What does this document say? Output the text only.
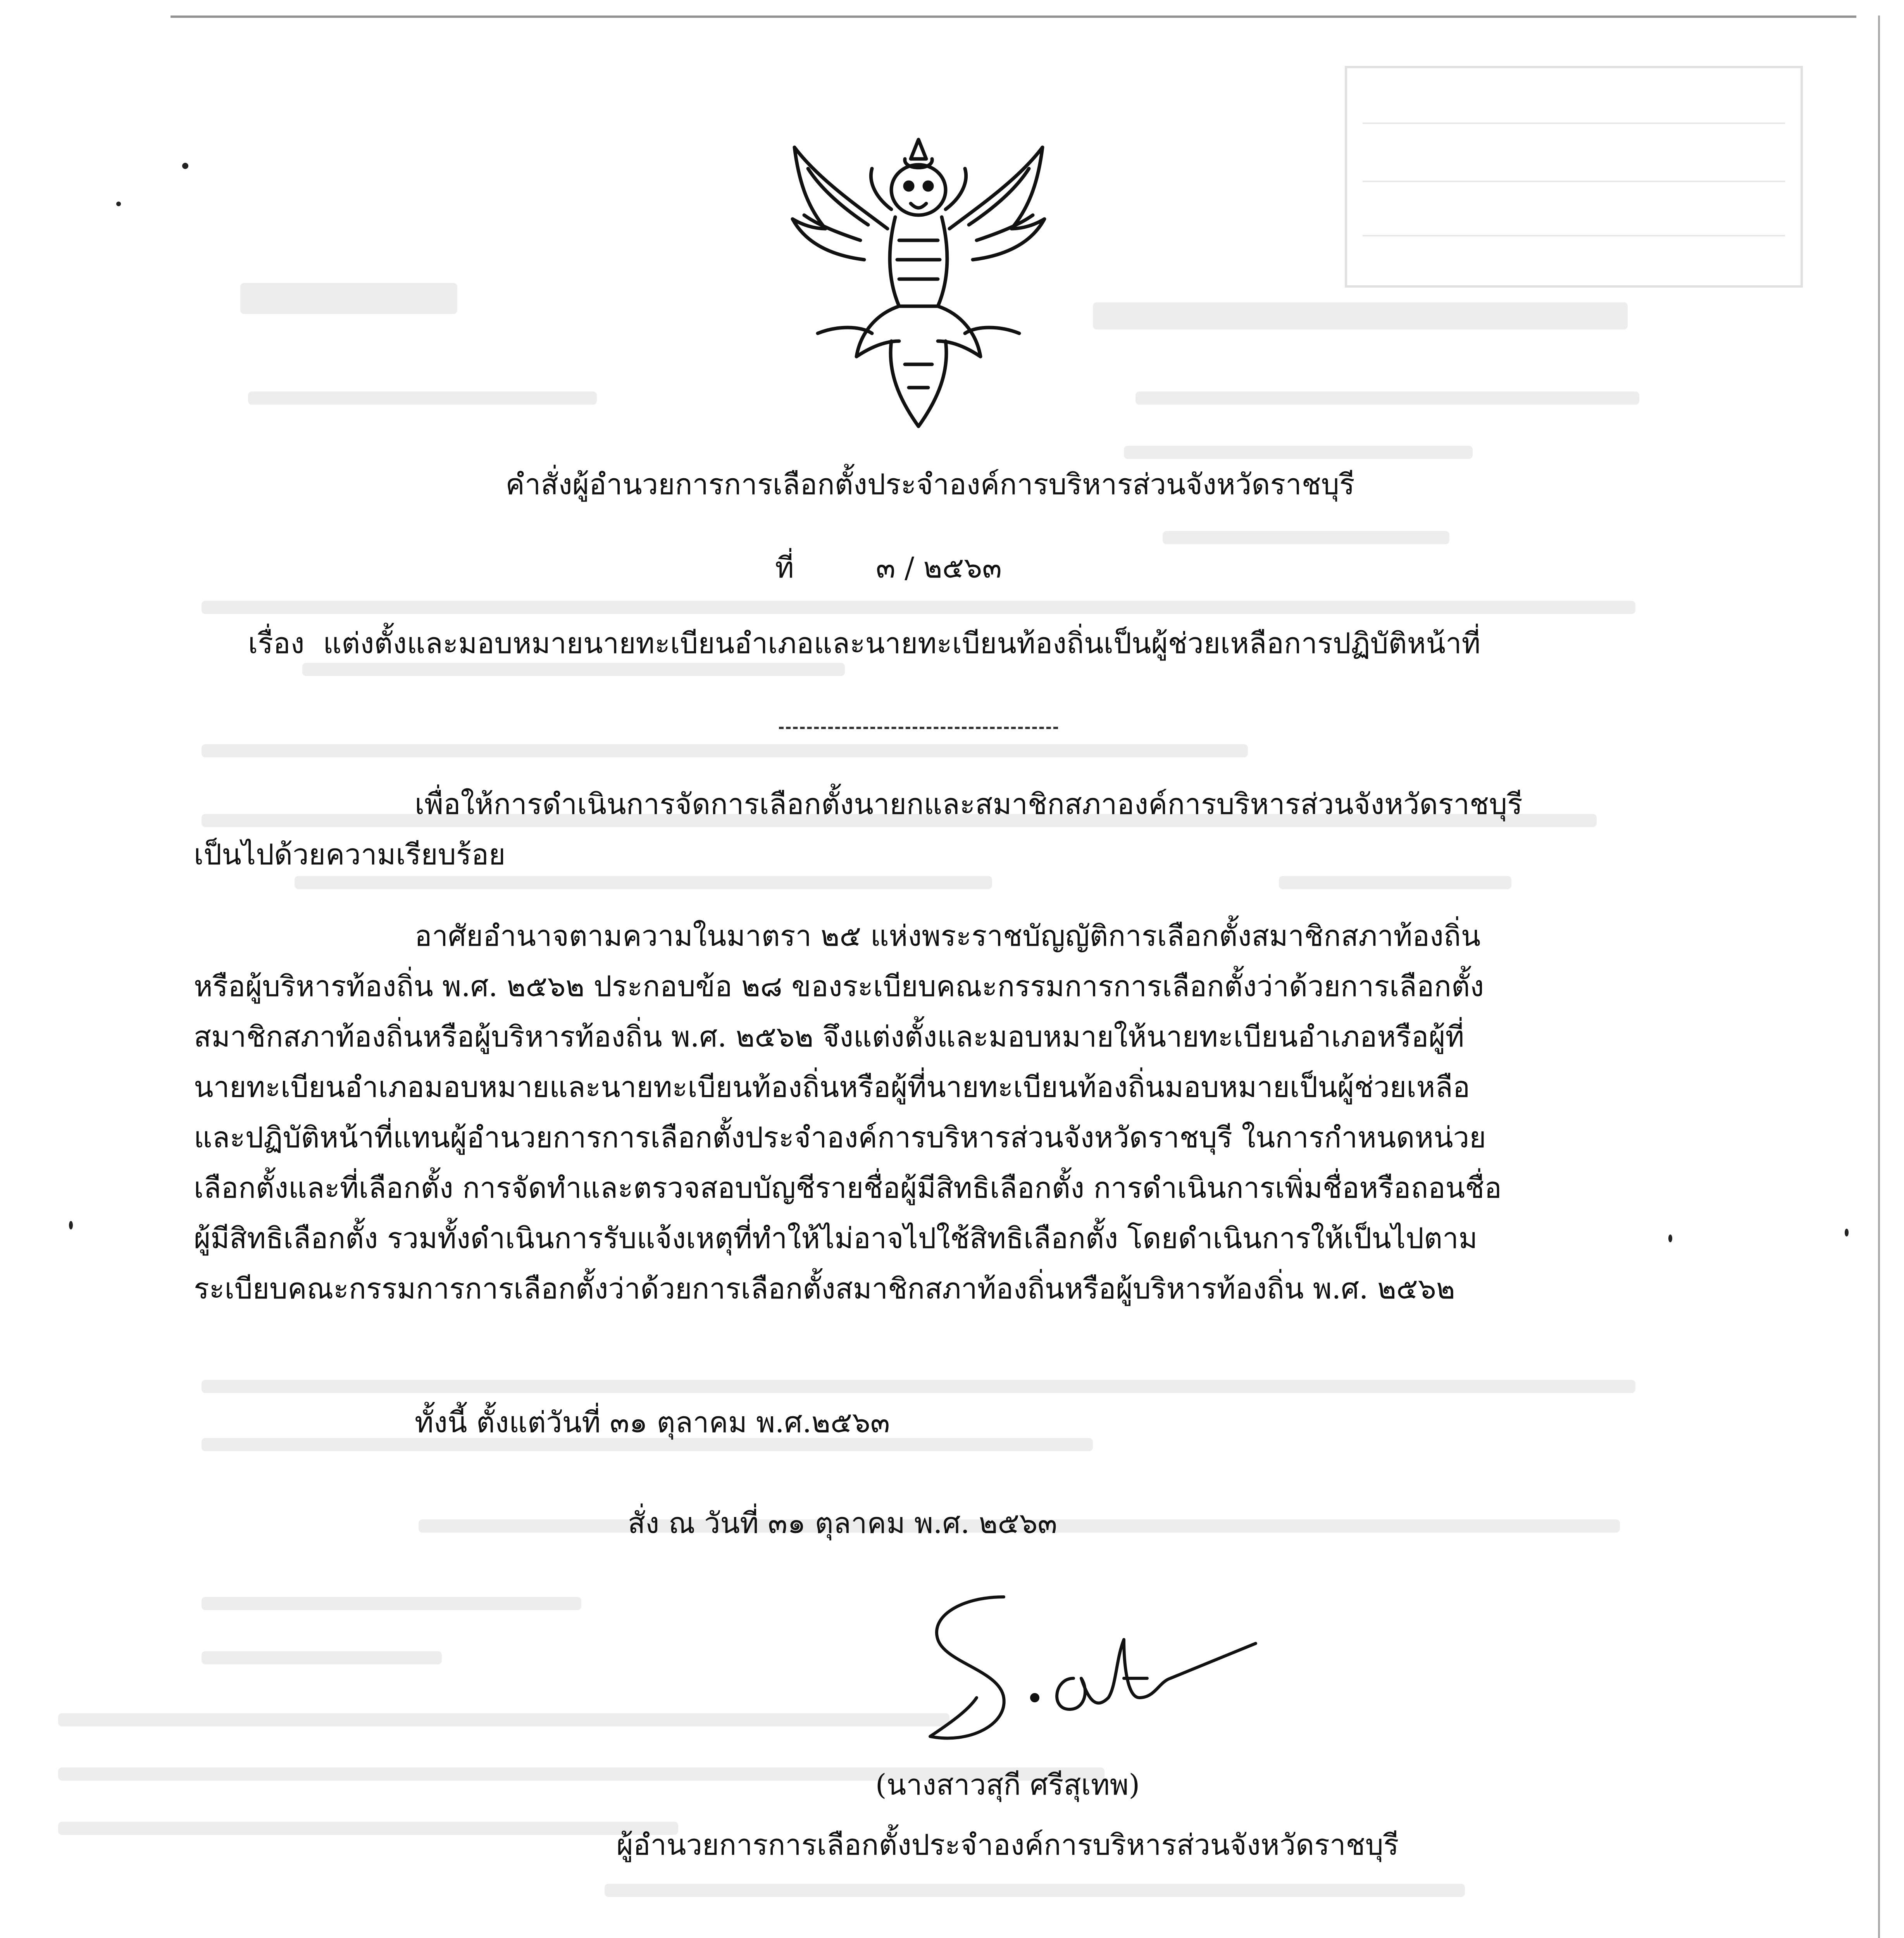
คำสั่งผู้อำนวยการการเลือกตั้งประจำองค์การบริหารส่วนจังหวัดราชบุรี
ที่	๓ / ๒๕๖๓
เรื่อง แต่งตั้งและมอบหมายนายทะเบียนอำเภอและนายทะเบียนท้องถิ่นเป็นผู้ช่วยเหลือการปฏิบัติหน้าที่

เพื่อให้การดำเนินการจัดการเลือกตั้งนายกและสมาชิกสภาองค์การบริหารส่วนจังหวัดราชบุรี

เป็นไปด้วยความเรียบร้อย

อาศัยอำนาจตามความในมาตรา ๒๕ แห่งพระราชบัญญัติการเลือกตั้งสมาชิกสภาท้องถิ่น

หรือผู้บริหารท้องถิ่น พ.ศ. ๒๕๖๒ ประกอบข้อ ๒๘ ของระเบียบคณะกรรมการการเลือกตั้งว่าด้วยการเลือกตั้ง

สมาชิกสภาท้องถิ่นหรือผู้บริหารท้องถิ่น พ.ศ. ๒๕๖๒ จึงแต่งตั้งและมอบหมายให้นายทะเบียนอำเภอหรือผู้ที่

นายทะเบียนอำเภอมอบหมายและนายทะเบียนท้องถิ่นหรือผู้ที่นายทะเบียนท้องถิ่นมอบหมายเป็นผู้ช่วยเหลือ

และปฏิบัติหน้าที่แทนผู้อำนวยการการเลือกตั้งประจำองค์การบริหารส่วนจังหวัดราชบุรี ในการกำหนดหน่วย

เลือกตั้งและที่เลือกตั้ง การจัดทำและตรวจสอบบัญชีรายชื่อผู้มีสิทธิเลือกตั้ง การดำเนินการเพิ่มชื่อหรือถอนชื่อ

ผู้มีสิทธิเลือกตั้ง รวมทั้งดำเนินการรับแจ้งเหตุที่ทำให้ไม่อาจไปใช้สิทธิเลือกตั้ง โดยดำเนินการให้เป็นไปตาม

ระเบียบคณะกรรมการการเลือกตั้งว่าด้วยการเลือกตั้งสมาชิกสภาท้องถิ่นหรือผู้บริหารท้องถิ่น พ.ศ. ๒๕๖๒

ทั้งนี้ ตั้งแต่วันที่ ๓๑ ตุลาคม พ.ศ.๒๕๖๓
สั่ง ณ วันที่ ๓๑ ตุลาคม พ.ศ. ๒๕๖๓
(นางสาวสุกี ศรีสุเทพ)
ผู้อำนวยการการเลือกตั้งประจำองค์การบริหารส่วนจังหวัดราชบุรี
